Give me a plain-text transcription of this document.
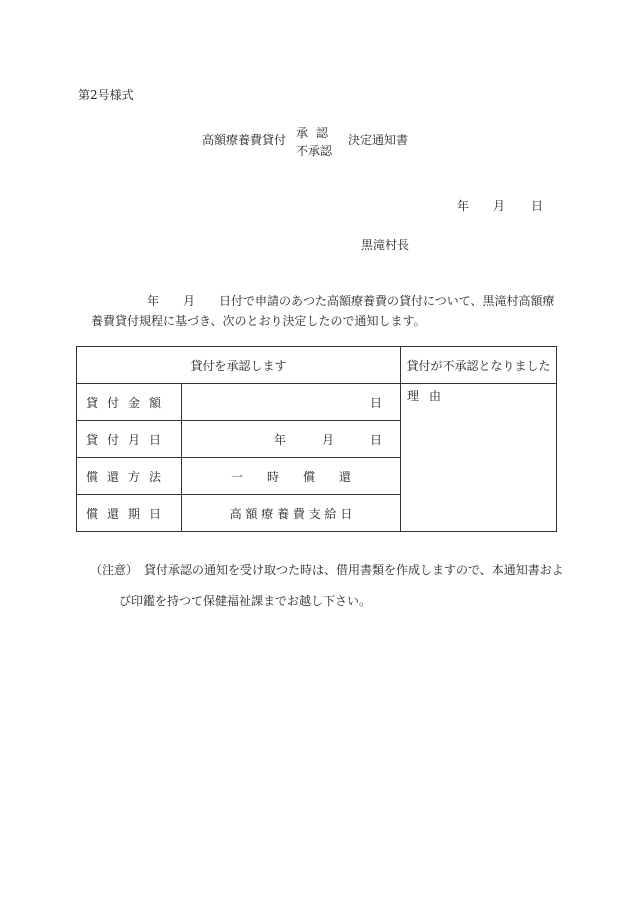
第2号様式
高額療養費貸付 承認
不承認
決定通知書
年 月 日
黒滝村長
年　　月　　日付で申請のあつた高額療養費の貸付について、黒滝村高額療
養費貸付規程に基づき、次のとおり決定したので通知します。
貸付を承認します		貸付が不承認となりました
貸付金額	日	理由
貸付月日	年　　　月　　　日	
償還方法	一　　時　　償　　還	
償還期日	高 額 療 養 費 支 給 日	
（注意）　貸付承認の通知を受け取つた時は、借用書類を作成しますので、本通知書およ
び印鑑を持つて保健福祉課までお越し下さい。
